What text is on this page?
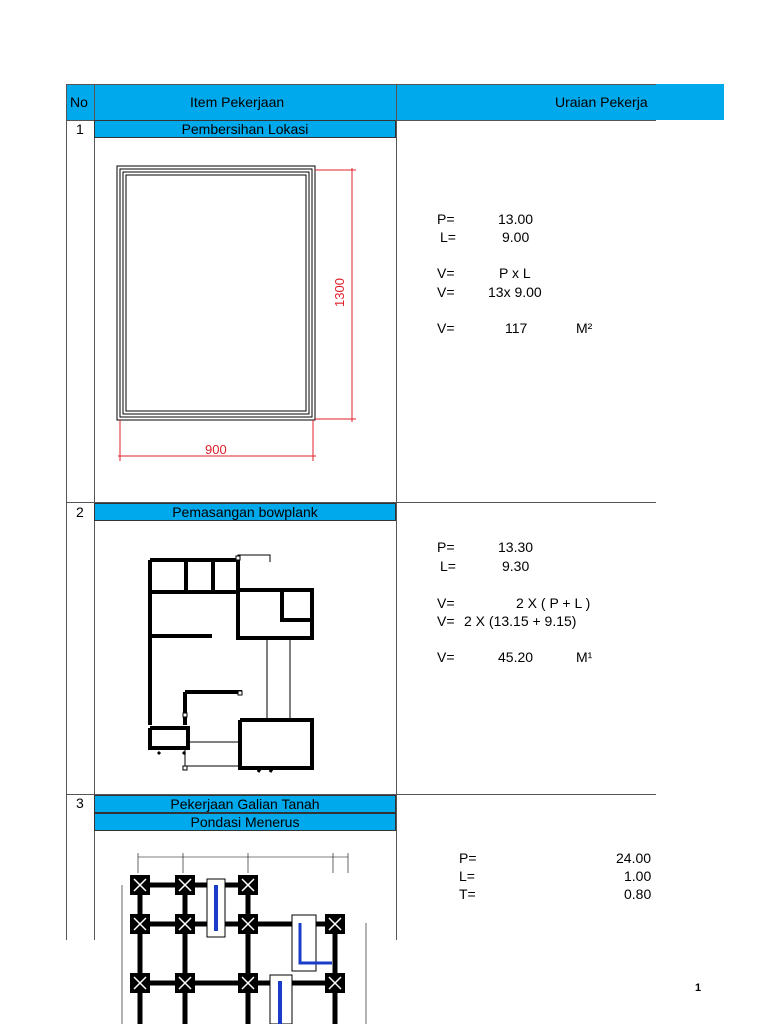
No	Item Pekerjaan	Uraian Pekerja
1	Pembersihan Lokasi
900
1300
P=	13.00
L=	9.00
V=	P x L
V= 13x 9.00
V=	117	M²
2	Pemasangan bowplank
P=	13.30
L=	9.30
V=	2 X ( P + L )
V= 2 X (13.15 + 9.15)
V=	45.20	M¹
3	Pekerjaan Galian Tanah
Pondasi Menerus
P=	24.00
L=	1.00
T=	0.80
1
